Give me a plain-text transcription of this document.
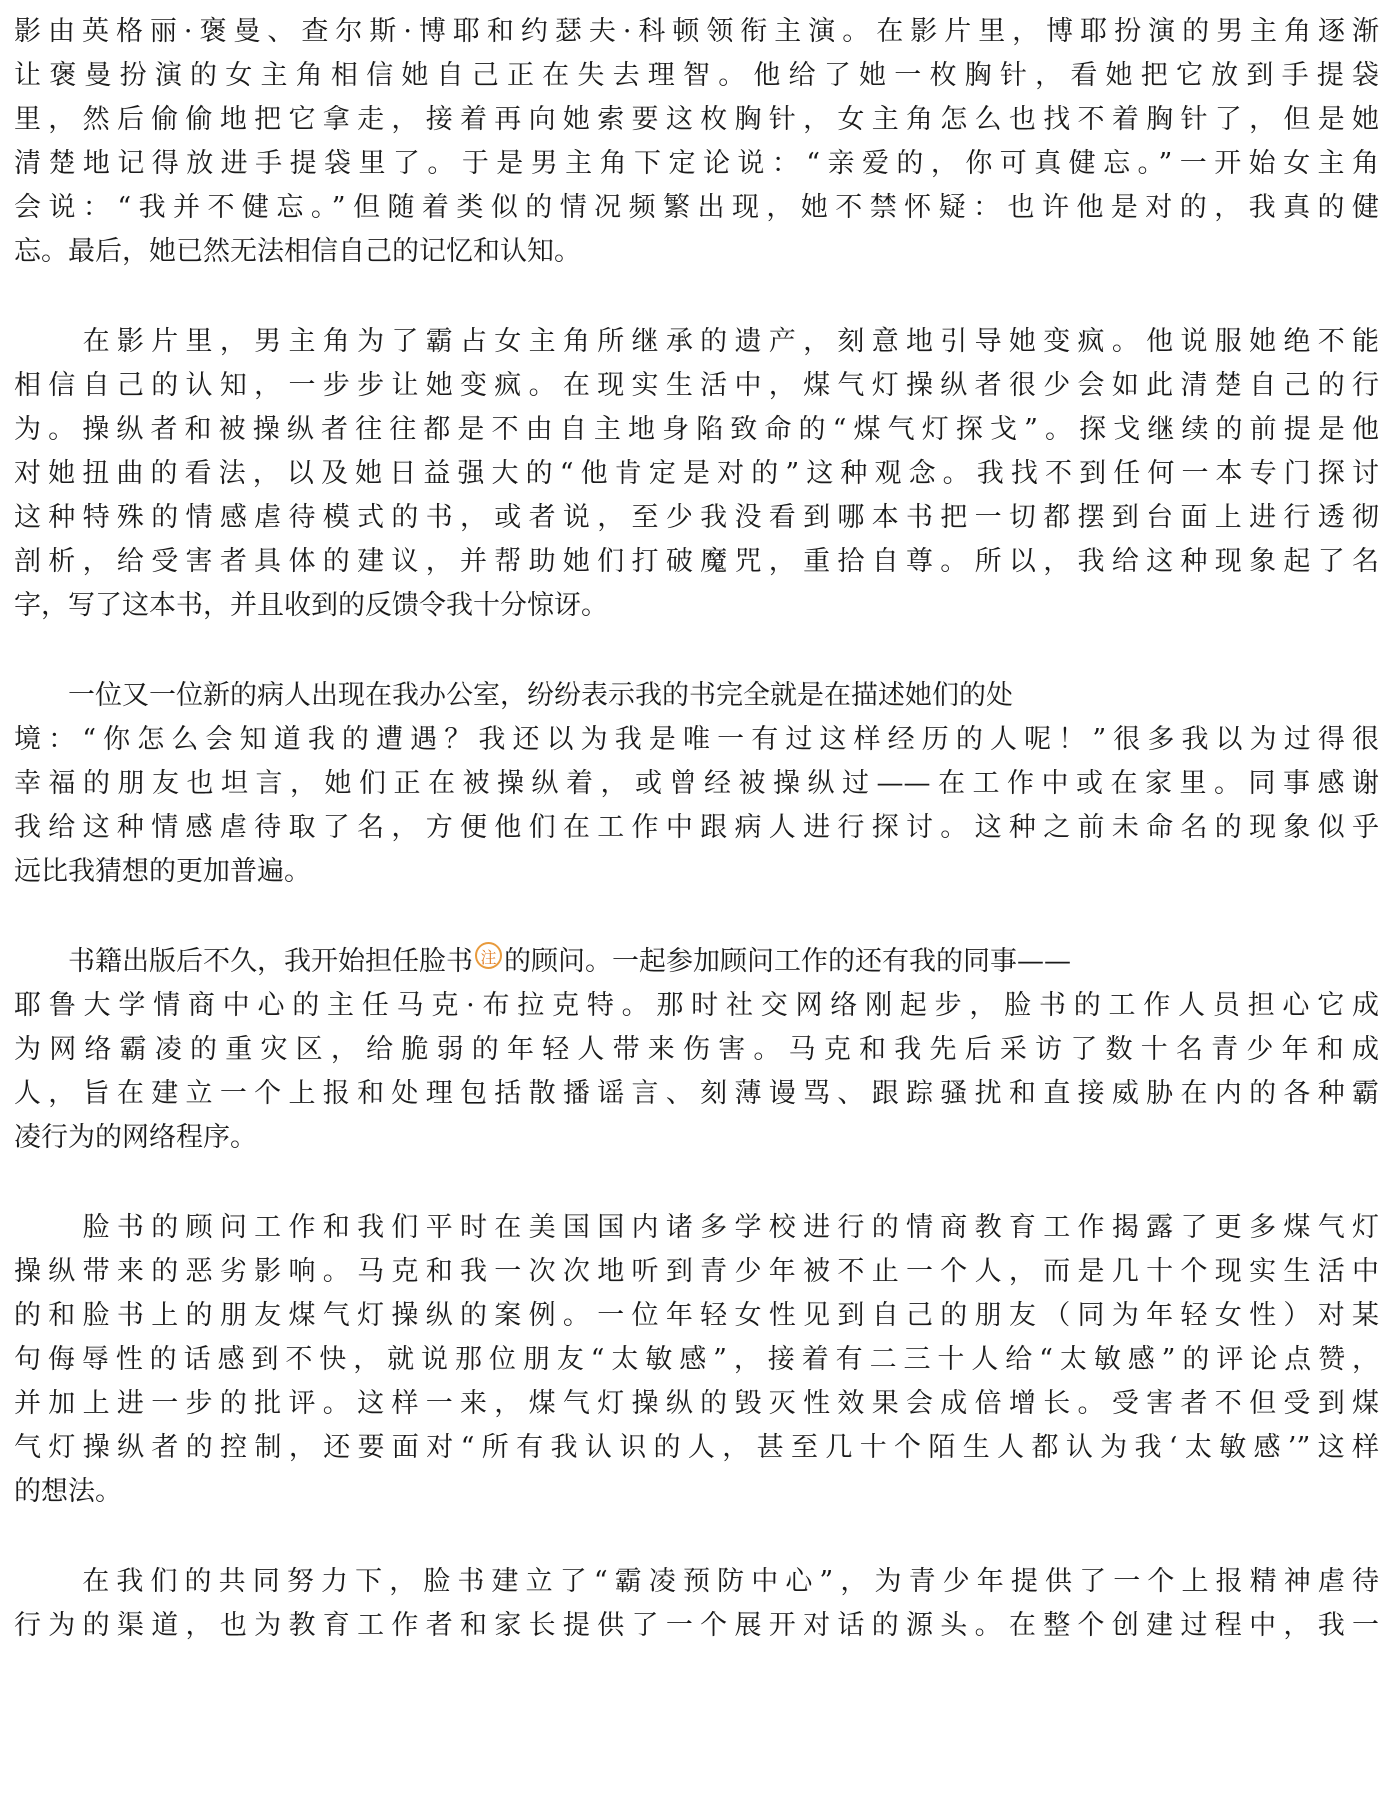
影由英格丽·褒曼、查尔斯·博耶和约瑟夫·科顿领衔主演。在影片里，博耶扮演的男主角逐渐
让褒曼扮演的女主角相信她自己正在失去理智。他给了她一枚胸针，看她把它放到手提袋
里，然后偷偷地把它拿走，接着再向她索要这枚胸针，女主角怎么也找不着胸针了，但是她
清楚地记得放进手提袋里了。于是男主角下定论说：“亲爱的，你可真健忘。”一开始女主角
会说：“我并不健忘。”但随着类似的情况频繁出现，她不禁怀疑：也许他是对的，我真的健
忘。最后，她已然无法相信自己的记忆和认知。
　　在影片里，男主角为了霸占女主角所继承的遗产，刻意地引导她变疯。他说服她绝不能
相信自己的认知，一步步让她变疯。在现实生活中，煤气灯操纵者很少会如此清楚自己的行
为。操纵者和被操纵者往往都是不由自主地身陷致命的“煤气灯探戈”。探戈继续的前提是他
对她扭曲的看法，以及她日益强大的“他肯定是对的”这种观念。我找不到任何一本专门探讨
这种特殊的情感虐待模式的书，或者说，至少我没看到哪本书把一切都摆到台面上进行透彻
剖析，给受害者具体的建议，并帮助她们打破魔咒，重拾自尊。所以，我给这种现象起了名
字，写了这本书，并且收到的反馈令我十分惊讶。
　　一位又一位新的病人出现在我办公室，纷纷表示我的书完全就是在描述她们的处
境：“你怎么会知道我的遭遇？我还以为我是唯一有过这样经历的人呢！”很多我以为过得很
幸福的朋友也坦言，她们正在被操纵着，或曾经被操纵过——在工作中或在家里。同事感谢
我给这种情感虐待取了名，方便他们在工作中跟病人进行探讨。这种之前未命名的现象似乎
远比我猜想的更加普遍。
　　书籍出版后不久，我开始担任脸书 注 的顾问。一起参加顾问工作的还有我的同事——
耶鲁大学情商中心的主任马克·布拉克特。那时社交网络刚起步，脸书的工作人员担心它成
为网络霸凌的重灾区，给脆弱的年轻人带来伤害。马克和我先后采访了数十名青少年和成
人，旨在建立一个上报和处理包括散播谣言、刻薄谩骂、跟踪骚扰和直接威胁在内的各种霸
凌行为的网络程序。
　　脸书的顾问工作和我们平时在美国国内诸多学校进行的情商教育工作揭露了更多煤气灯
操纵带来的恶劣影响。马克和我一次次地听到青少年被不止一个人，而是几十个现实生活中
的和脸书上的朋友煤气灯操纵的案例。一位年轻女性见到自己的朋友（同为年轻女性）对某
句侮辱性的话感到不快，就说那位朋友“太敏感”，接着有二三十人给“太敏感”的评论点赞，
并加上进一步的批评。这样一来，煤气灯操纵的毁灭性效果会成倍增长。受害者不但受到煤
气灯操纵者的控制，还要面对“所有我认识的人，甚至几十个陌生人都认为我‘太敏感’”这样
的想法。
　　在我们的共同努力下，脸书建立了“霸凌预防中心”，为青少年提供了一个上报精神虐待
行为的渠道，也为教育工作者和家长提供了一个展开对话的源头。在整个创建过程中，我一
